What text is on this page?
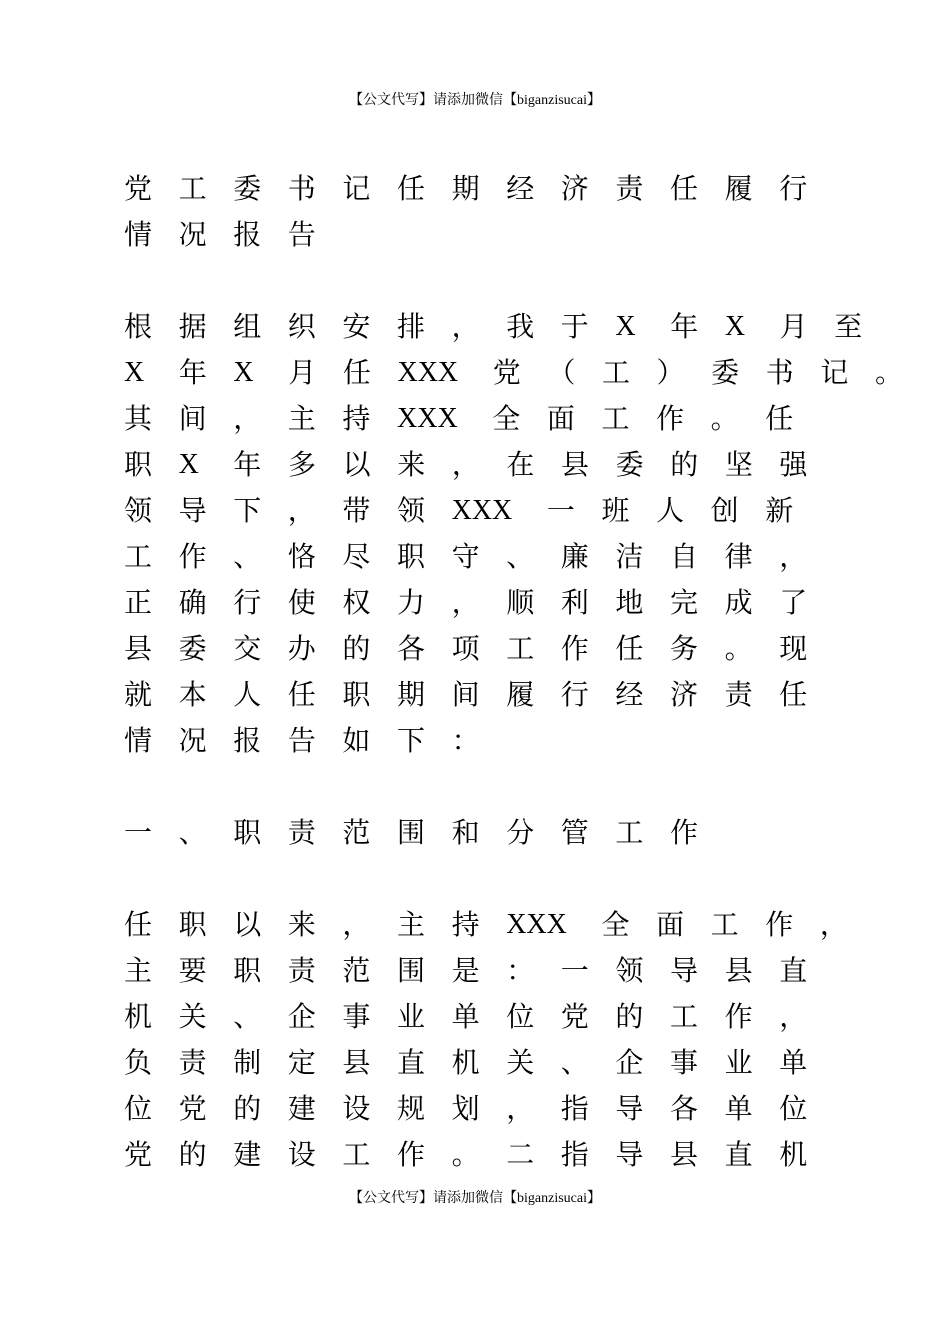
【公文代写】请添加微信【biganzisucai】
党 工 委 书 记 任 期 经 济 责 任 履 行
情 况 报 告
根 据 组 织 安 排 ， 我 于 X 年 X 月 至
X 年 X 月 任 XXX 党 （ 工 ） 委 书 记 。
其 间 ， 主 持 XXX 全 面 工 作 。 任
职 X 年 多 以 来 ， 在 县 委 的 坚 强
领 导 下 ， 带 领 XXX 一 班 人 创 新
工 作 、 恪 尽 职 守 、 廉 洁 自 律 ，
正 确 行 使 权 力 ， 顺 利 地 完 成 了
县 委 交 办 的 各 项 工 作 任 务 。 现
就 本 人 任 职 期 间 履 行 经 济 责 任
情 况 报 告 如 下 ：
一 、 职 责 范 围 和 分 管 工 作
任 职 以 来 ， 主 持 XXX 全 面 工 作 ，
主 要 职 责 范 围 是 ： 一 领 导 县 直
机 关 、 企 事 业 单 位 党 的 工 作 ，
负 责 制 定 县 直 机 关 、 企 事 业 单
位 党 的 建 设 规 划 ， 指 导 各 单 位
党 的 建 设 工 作 。 二 指 导 县 直 机
【公文代写】请添加微信【biganzisucai】
